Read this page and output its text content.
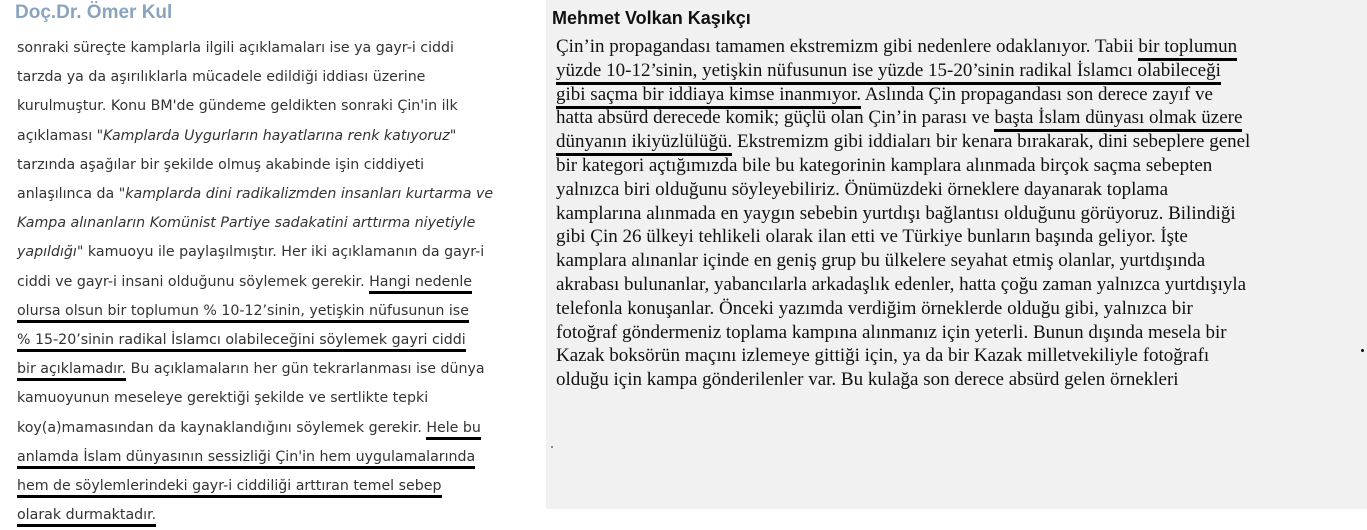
Doç.Dr. Ömer Kul
sonraki süreçte kamplarla ilgili açıklamaları ise ya gayr-i ciddi
tarzda ya da aşırılıklarla mücadele edildiği iddiası üzerine
kurulmuştur. Konu BM'de gündeme geldikten sonraki Çin'in ilk
açıklaması "Kamplarda Uygurların hayatlarına renk katıyoruz"
tarzında aşağılar bir şekilde olmuş akabinde işin ciddiyeti
anlaşılınca da "kamplarda dini radikalizmden insanları kurtarma ve
Kampa alınanların Komünist Partiye sadakatini arttırma niyetiyle
yapıldığı" kamuoyu ile paylaşılmıştır. Her iki açıklamanın da gayr-i
ciddi ve gayr-i insani olduğunu söylemek gerekir. Hangi nedenle
olursa olsun bir toplumun % 10-12’sinin, yetişkin nüfusunun ise
% 15-20’sinin radikal İslamcı olabileceğini söylemek gayri ciddi
bir açıklamadır. Bu açıklamaların her gün tekrarlanması ise dünya
kamuoyunun meseleye gerektiği şekilde ve sertlikte tepki
koy(a)mamasından da kaynaklandığını söylemek gerekir. Hele bu
anlamda İslam dünyasının sessizliği Çin'in hem uygulamalarında
hem de söylemlerindeki gayr-i ciddiliği arttıran temel sebep
olarak durmaktadır.
Mehmet Volkan Kaşıkçı
Çin’in propagandası tamamen ekstremizm gibi nedenlere odaklanıyor. Tabii bir toplumun
yüzde 10-12’sinin, yetişkin nüfusunun ise yüzde 15-20’sinin radikal İslamcı olabileceği
gibi saçma bir iddiaya kimse inanmıyor. Aslında Çin propagandası son derece zayıf ve
hatta absürd derecede komik; güçlü olan Çin’in parası ve başta İslam dünyası olmak üzere
dünyanın ikiyüzlülüğü. Ekstremizm gibi iddiaları bir kenara bırakarak, dini sebeplere genel
bir kategori açtığımızda bile bu kategorinin kamplara alınmada birçok saçma sebepten
yalnızca biri olduğunu söyleyebiliriz. Önümüzdeki örneklere dayanarak toplama
kamplarına alınmada en yaygın sebebin yurtdışı bağlantısı olduğunu görüyoruz. Bilindiği
gibi Çin 26 ülkeyi tehlikeli olarak ilan etti ve Türkiye bunların başında geliyor. İşte
kamplara alınanlar içinde en geniş grup bu ülkelere seyahat etmiş olanlar, yurtdışında
akrabası bulunanlar, yabancılarla arkadaşlık edenler, hatta çoğu zaman yalnızca yurtdışıyla
telefonla konuşanlar. Önceki yazımda verdiğim örneklerde olduğu gibi, yalnızca bir
fotoğraf göndermeniz toplama kampına alınmanız için yeterli. Bunun dışında mesela bir
Kazak boksörün maçını izlemeye gittiği için, ya da bir Kazak milletvekiliyle fotoğrafı
olduğu için kampa gönderilenler var. Bu kulağa son derece absürd gelen örnekleri
